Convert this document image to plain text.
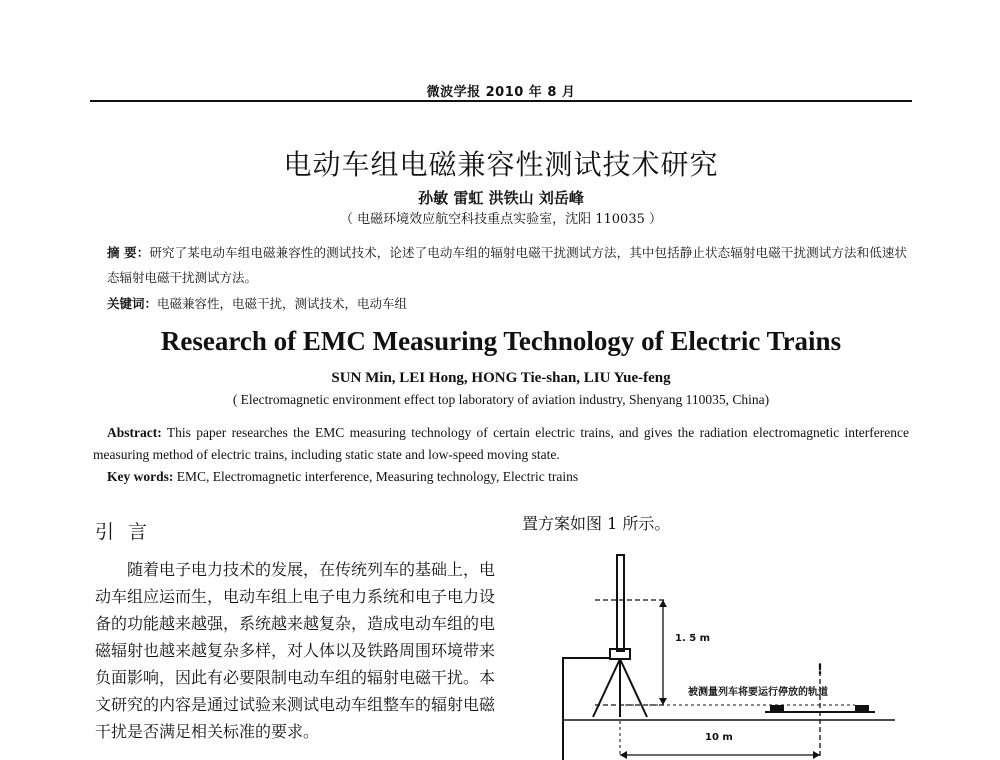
微波学报 2010 年 8 月
电动车组电磁兼容性测试技术研究
孙敏 雷虹 洪铁山 刘岳峰
（ 电磁环境效应航空科技重点实验室，沈阳 110035 ）
摘 要：研究了某电动车组电磁兼容性的测试技术，论述了电动车组的辐射电磁干扰测试方法，其中包括静止状态辐射电磁干扰测试方法和低速状态辐射电磁干扰测试方法。
关键词：电磁兼容性，电磁干扰，测试技术，电动车组
Research of EMC Measuring Technology of Electric Trains
SUN Min, LEI Hong, HONG Tie-shan, LIU Yue-feng
( Electromagnetic environment effect top laboratory of aviation industry, Shenyang 110035, China)
Abstract: This paper researches the EMC measuring technology of certain electric trains, and gives the radiation electromagnetic interference measuring method of electric trains, including static state and low-speed moving state.
Key words: EMC, Electromagnetic interference, Measuring technology, Electric trains
引言
随着电子电力技术的发展，在传统列车的基础上，电动车组应运而生，电动车组上电子电力系统和电子电力设备的功能越来越强，系统越来越复杂，造成电动车组的电磁辐射也越来越复杂多样，对人体以及铁路周围环境带来负面影响，因此有必要限制电动车组的辐射电磁干扰。本文研究的内容是通过试验来测试电动车组整车的辐射电磁干扰是否满足相关标准的要求。
置方案如图 1 所示。
1. 5 m
!
被测量列车将要运行停放的轨道
10 m
